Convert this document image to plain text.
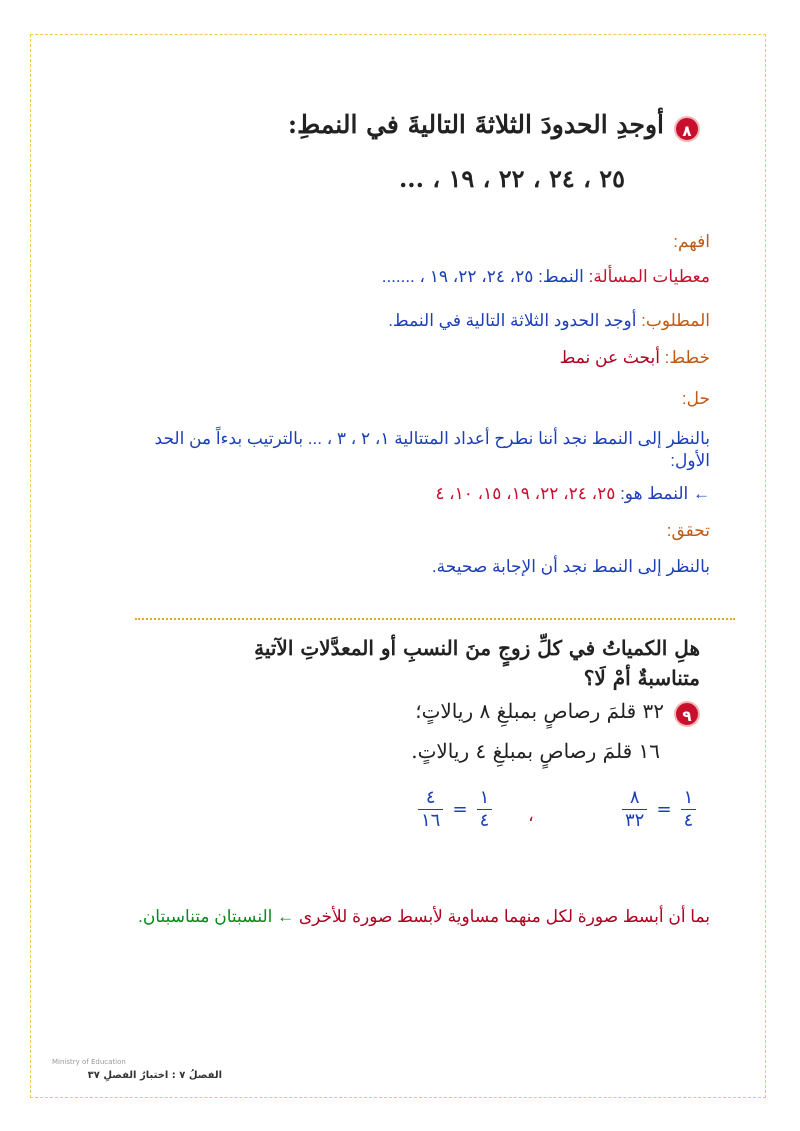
٨أوجدِ الحدودَ الثلاثةَ التاليةَ في النمطِ:
٢٥ ، ٢٤ ، ٢٢ ، ١٩ ، ...
افهم:
معطيات المسألة: النمط: ٢٥، ٢٤، ٢٢، ١٩ ، .......
المطلوب: أوجد الحدود الثلاثة التالية في النمط.
خطط: أبحث عن نمط
حل:
بالنظر إلى النمط نجد أننا نطرح أعداد المتتالية ١، ٢ ، ٣ ، ... بالترتيب بدءاً من الحد الأول:
← النمط هو: ٢٥، ٢٤، ٢٢، ١٩، ١٥، ١٠، ٤
تحقق:
بالنظر إلى النمط نجد أن الإجابة صحيحة.
هلِ الكمياتُ في كلِّ زوجٍ منَ النسبِ أو المعدَّلاتِ الآتيةِ متناسبةٌ أمْ لَا؟
٩٣٢ قلمَ رصاصٍ بمبلغِ ٨ ريالاتٍ؛
١٦ قلمَ رصاصٍ بمبلغِ ٤ ريالاتٍ.
$\frac{٤}{١٦} = \frac{١}{٤}$ ،	$\frac{٨}{٣٢} = \frac{١}{٤}$
بما أن أبسط صورة لكل منهما مساوية لأبسط صورة للأخرى ← النسبتان متناسبتان.
Ministry of Education
الفصلُ ٧ : اختبارُ الفصلِ ٣٧
